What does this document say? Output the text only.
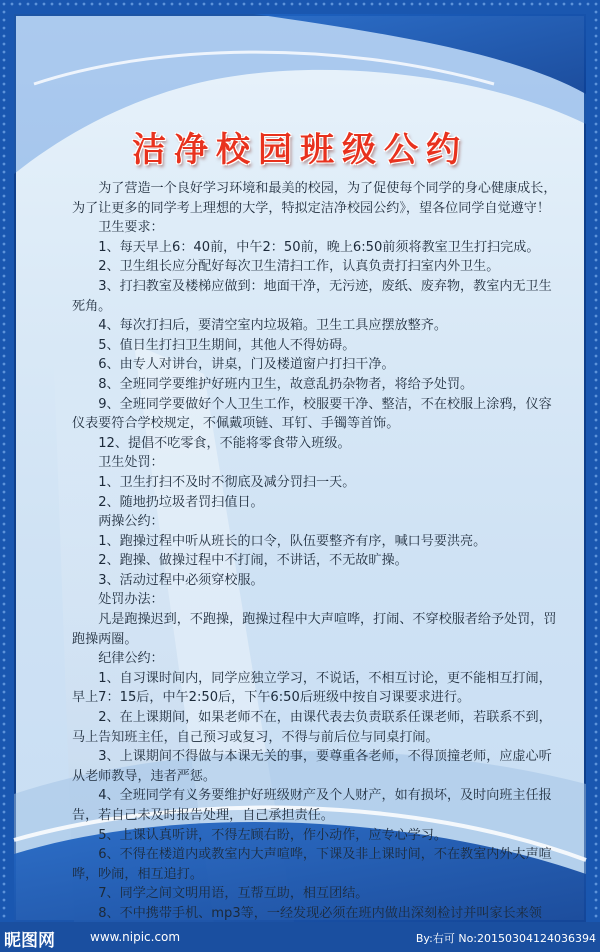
洁净校园班级公约

为了营造一个良好学习环境和最美的校园，为了促使每个同学的身心健康成长，为了让更多的同学考上理想的大学，特拟定洁净校园公约》，望各位同学自觉遵守！

卫生要求：

1、每天早上6：40前，中午2：50前，晚上6:50前须将教室卫生打扫完成。

2、卫生组长应分配好每次卫生清扫工作，认真负责打扫室内外卫生。

3、打扫教室及楼梯应做到：地面干净，无污迹，废纸、废弃物，教室内无卫生死角。

4、每次打扫后，要清空室内垃圾箱。卫生工具应摆放整齐。

5、值日生打扫卫生期间，其他人不得妨碍。

6、由专人对讲台，讲桌，门及楼道窗户打扫干净。

8、全班同学要维护好班内卫生，故意乱扔杂物者，将给予处罚。

9、全班同学要做好个人卫生工作，校服要干净、整洁，不在校服上涂鸦，仪容仪表要符合学校规定，不佩戴项链、耳钉、手镯等首饰。

12、提倡不吃零食，不能将零食带入班级。

卫生处罚：

1、卫生打扫不及时不彻底及减分罚扫一天。

2、随地扔垃圾者罚扫值日。

两操公约：

1、跑操过程中听从班长的口令，队伍要整齐有序，喊口号要洪亮。

2、跑操、做操过程中不打闹，不讲话，不无故旷操。

3、活动过程中必须穿校服。

处罚办法：

凡是跑操迟到，不跑操，跑操过程中大声喧哗，打闹、不穿校服者给予处罚，罚跑操两圈。

纪律公约：

1、自习课时间内，同学应独立学习，不说话，不相互讨论，更不能相互打闹，早上7：15后，中午2:50后，下午6:50后班级中按自习课要求进行。

2、在上课期间，如果老师不在，由课代表去负责联系任课老师，若联系不到，马上告知班主任，自己预习或复习，不得与前后位与同桌打闹。

3、上课期间不得做与本课无关的事，要尊重各老师，不得顶撞老师，应虚心听从老师教导，违者严惩。

4、全班同学有义务要维护好班级财产及个人财产，如有损坏，及时向班主任报告，若自己未及时报告处理，自己承担责任。

5、上课认真听讲，不得左顾右盼，作小动作，应专心学习。

6、不得在楼道内或教室内大声喧哗，下课及非上课时间，不在教室内外大声喧哗，吵闹，相互追打。

7、同学之间文明用语，互帮互助，相互团结。

8、不中携带手机、mp3等，一经发现必须在班内做出深刻检讨并叫家长来领

昵图网	www.nipic.com	By:右可 No:20150304124036394
